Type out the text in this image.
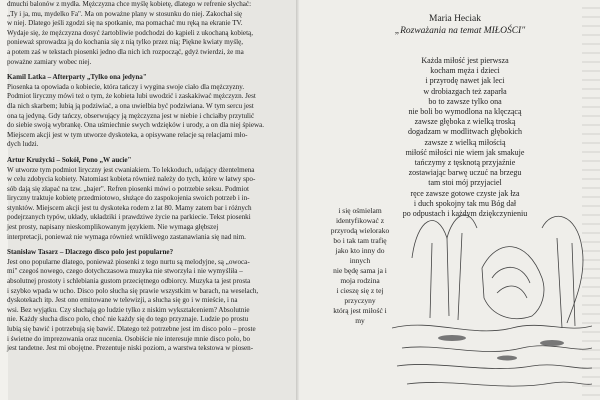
dmuchi balonów z mydła. Mężczyzna chce myślę kobietę, dlatego w refrenie słychać:

„Ty i ja, mu, mydelko Fa". Ma on poważne plany w stosunku do niej. Zakochał się

w niej. Dlatego jeśli zgodzi się na spotkanie, ma pomachać mu ręką na ekranie TV.

Wydaje się, że mężczyzna dosyć żartobliwie podchodzi do kąpieli z ukochaną kobietą,

ponieważ sprowadza ją do kochania się z nią tylko przez nią; Piękne kwiaty myślę,

a potem zaś w tekstach piosenki jedno dla nich ich rozpocząć, gdyż twierdzi, że ma

poważne zamiary wobec niej.

Kamil Latka – Afterparty „Tylko ona jedyna"

Piosenka ta opowiada o kobiecie, która tańczy i wygina swoje ciało dla mężczyzny.

Podmiot liryczny mówi też o tym, że kobieta lubi uwodzić i zaskakiwać mężczyzn. Jest

dla nich skarbem; lubią ją podziwiać, a ona uwielbia być podziwiana. W tym sercu jest

ona tą jedyną. Gdy tańczy, obserwujący ją mężczyzna jest w niebie i chciałby przytulić

do siebie swoją wybrankę. Ona uśmiechnie swych wdzięków i urody, a on dla niej śpiewa.

Miejscem akcji jest w tym utworze dyskoteka, a opisywane relacje są relacjami mło-

dych ludzi.

Artur Kruźycki – Sokół, Pono „W aucie"

W utworze tym podmiot liryczny jest cwaniakiem. To lekkoduch, udający dżentelmena

w celu zdobycia kobiety. Natomiast kobieta również należy do tych, które w łatwy spo-

sób dają się złapać na tzw. „bajer". Refren piosenki mówi o potrzebie seksu. Podmiot

liryczny traktuje kobietę przedmiotowo, służące do zaspokojenia swoich potrzeb i in-

stynktów. Miejscem akcji jest tu dyskoteka rodem z lat 80. Mamy zatem bar i różnych

podejrzanych typów, układy, układziki i prawdziwe życie na parkiecie. Tekst piosenki

jest prosty, napisany nieskomplikowanym językiem. Nie wymaga głębszej

interpretacji, ponieważ nie wymaga również wnikliwego zastanawiania się nad nim.

Stanisław Tasarz – Dlaczego disco polo jest popularne?

Jest ono popularne dlatego, ponieważ piosenki z tego nurtu są melodyjne, są „owoca-

mi" czegoś nowego, czego dotychczasowa muzyka nie stworzyła i nie wymyśliła –

absolutnej prostoty i schlebiania gustom przeciętnego odbiorcy. Muzyka ta jest prosta

i szybko wpada w ucho. Disco polo słucha się prawie wszystkim w barach, na weselach,

dyskotekach itp. Jest ono emitowane w telewizji, a słucha się go i w mieście, i na

wsi. Bez wyjątku. Czy słuchają go ludzie tylko z niskim wykształceniem? Absolutnie

nie. Każdy słucha disco polo, choć nie każdy się do tego przyznaje. Ludzie po prostu

lubią się bawić i potrzebują się bawić. Dlatego też potrzebne jest im disco polo – proste

i świetne do imprezowania oraz nucenia. Osobiście nie interesuje mnie disco polo, bo

jest tandetne. Jest mi obojętne. Prezentuje niski poziom, a warstwa tekstowa w piosen-

Maria Heciak
„Rozważania na temat MIŁOŚCI"
Każda miłość jest pierwsza
kocham męża i dzieci
i przyrodę nawet jak leci
w drobiazgach też zaparła
bo to zawsze tylko ona
nie boli bo wymodlona na klęczącą
zawsze głęboka z wielką troską
dogadzam w modlitwach głębokich
zawsze z wielką miłością
miłość miłości nie wiem jak smakuje
tańczymy z tęsknotą przyjaźnie
zostawiając barwę uczuć na brzegu
tam stoi mój przyjaciel
ręce zawsze gotowe czyste jak łza
i duch spokojny tak mu Bóg dał
po odpustach i każdym dziękczynieniu
i się ośmielam
identyfikować z
przyrodą wielorako
bo i tak tam trafię
jako kto inny do
innych
nie będę sama ja i
moja rodzina
i cieszę się z tej
przyczyny
którą jest miłość i
my
